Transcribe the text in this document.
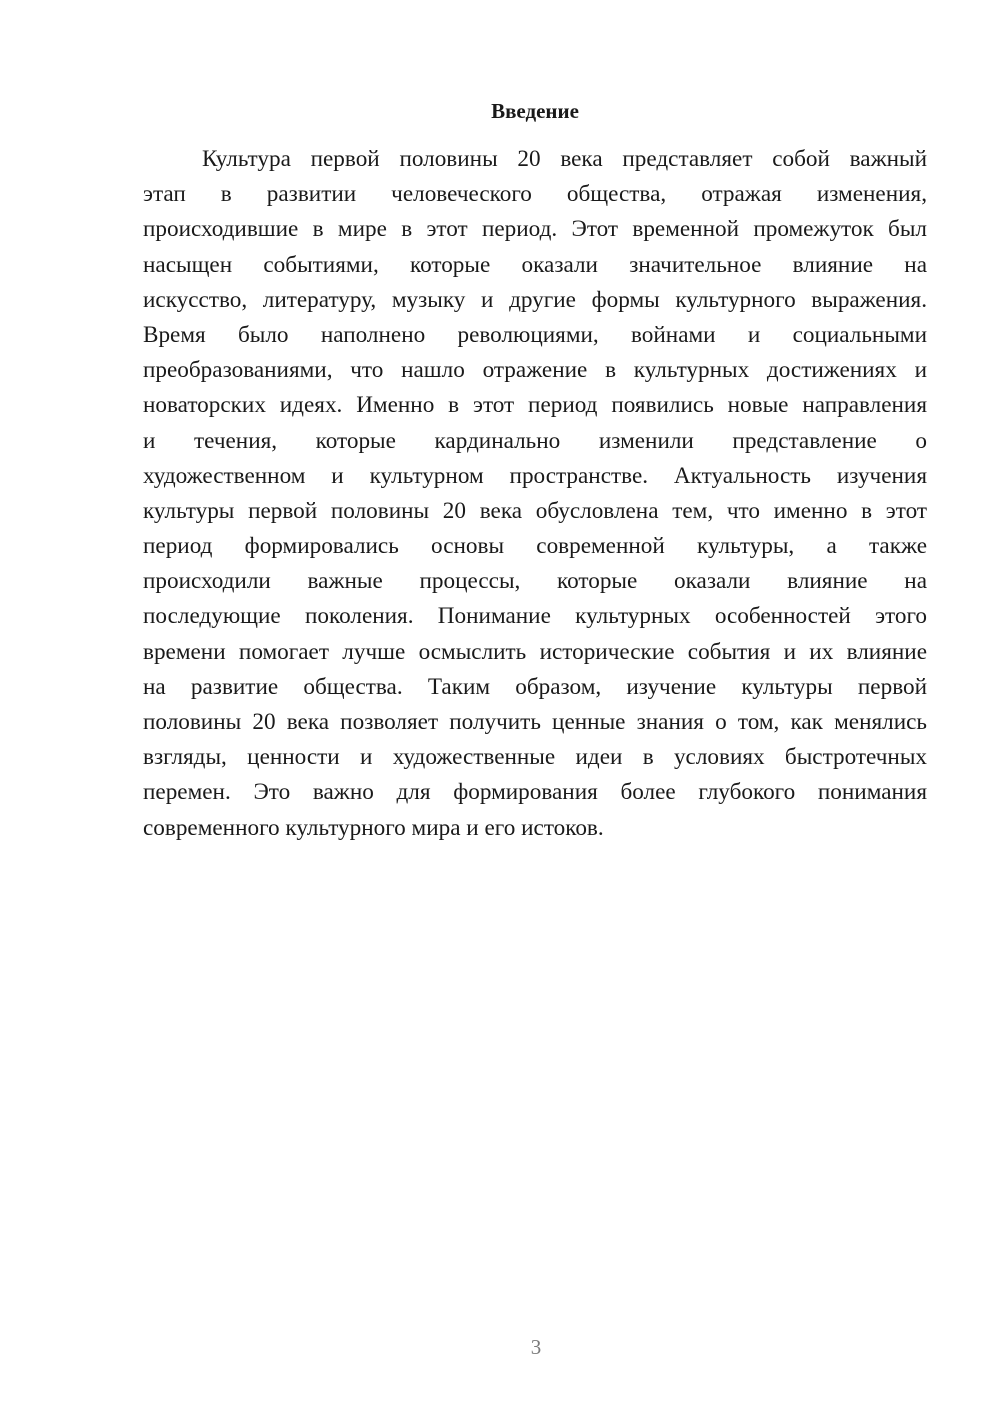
Введение
Культура первой половины 20 века представляет собой важный
этап в развитии человеческого общества, отражая изменения,
происходившие в мире в этот период. Этот временной промежуток был
насыщен событиями, которые оказали значительное влияние на
искусство, литературу, музыку и другие формы культурного выражения.
Время было наполнено революциями, войнами и социальными
преобразованиями, что нашло отражение в культурных достижениях и
новаторских идеях. Именно в этот период появились новые направления
и течения, которые кардинально изменили представление о
художественном и культурном пространстве. Актуальность изучения
культуры первой половины 20 века обусловлена тем, что именно в этот
период формировались основы современной культуры, а также
происходили важные процессы, которые оказали влияние на
последующие поколения. Понимание культурных особенностей этого
времени помогает лучше осмыслить исторические события и их влияние
на развитие общества. Таким образом, изучение культуры первой
половины 20 века позволяет получить ценные знания о том, как менялись
взгляды, ценности и художественные идеи в условиях быстротечных
перемен. Это важно для формирования более глубокого понимания
современного культурного мира и его истоков.
3
